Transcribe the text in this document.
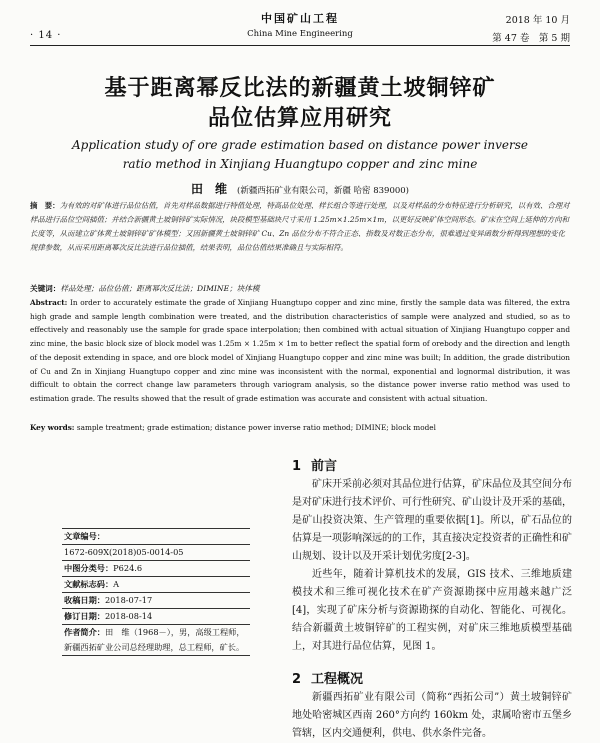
· 14 ·
中国矿山工程
China Mine Engineering
2018 年 10 月
第 47 卷　第 5 期
基于距离幂反比法的新疆黄土坡铜锌矿
品位估算应用研究
Application study of ore grade estimation based on distance power inverse
ratio method in Xinjiang Huangtupo copper and zinc mine
田　维 (新疆西拓矿业有限公司，新疆 哈密 839000)
摘　要：为有效的对矿体进行品位估值，首先对样品数据进行特值处理，特高品位处理、样长组合等进行处理，以及对样品的分布特征进行分析研究，以有效、合理对样品进行品位空间插值；并结合新疆黄土坡铜锌矿实际情况，块段模型基础块尺寸采用 1.25m×1.25m×1m，以更好反映矿体空间形态。矿床在空间上延伸的方向和长度等，从而建立矿体黄土坡铜锌矿矿体模型；又因新疆黄土坡铜锌矿 Cu、Zn 品位分布不符合正态、指数及对数正态分布，很难通过变异函数分析得到理想的变化规律参数，从而采用距离幂次反比法进行品位插值，结果表明，品位估值结果准确且与实际相符。
关键词：样品处理；品位估值；距离幂次反比法；DIMINE；块体模
Abstract: In order to accurately estimate the grade of Xinjiang Huangtupo copper and zinc mine, firstly the sample data was filtered, the extra high grade and sample length combination were treated, and the distribution characteristics of sample were analyzed and studied, so as to effectively and reasonably use the sample for grade space interpolation; then combined with actual situation of Xinjiang Huangtupo copper and zinc mine, the basic block size of block model was 1.25m × 1.25m × 1m to better reflect the spatial form of orebody and the direction and length of the deposit extending in space, and ore block model of Xinjiang Huangtupo copper and zinc mine was built; In addition, the grade distribution of Cu and Zn in Xinjiang Huangtupo copper and zinc mine was inconsistent with the normal, exponential and lognormal distribution, it was difficult to obtain the correct change law parameters through variogram analysis, so the distance power inverse ratio method was used to estimation grade. The results showed that the result of grade estimation was accurate and consistent with actual situation.
Key words: sample treatment; grade estimation; distance power inverse ratio method; DIMINE; block model
文章编号：
1672-609X(2018)05-0014-05
中图分类号：P624.6
文献标志码：A
收稿日期：2018-07-17
修订日期：2018-08-14
作者简介：田　维（1968－），男，高级工程师，新疆西拓矿业公司总经理助理，总工程师，矿长。
1 前言
矿床开采前必须对其品位进行估算，矿床品位及其空间分布是对矿床进行技术评价、可行性研究、矿山设计及开采的基础，是矿山投资决策、生产管理的重要依据[1]。所以，矿石品位的估算是一项影响深远的的工作，其直接决定投资者的正确性和矿山规划、设计以及开采计划优劣度[2-3]。
近些年，随着计算机技术的发展，GIS 技术、三维地质建模技术和三维可视化技术在矿产资源勘探中应用越来越广泛[4]，实现了矿床分析与资源勘探的自动化、智能化、可视化。结合新疆黄土坡铜锌矿的工程实例，对矿床三维地质模型基础上，对其进行品位估算，见图 1。
2 工程概况
新疆西拓矿业有限公司（简称“西拓公司”）黄土坡铜锌矿地处哈密城区西南 260°方向约 160km 处，隶属哈密市五堡乡管辖，区内交通便利，供电、供水条件完备。
